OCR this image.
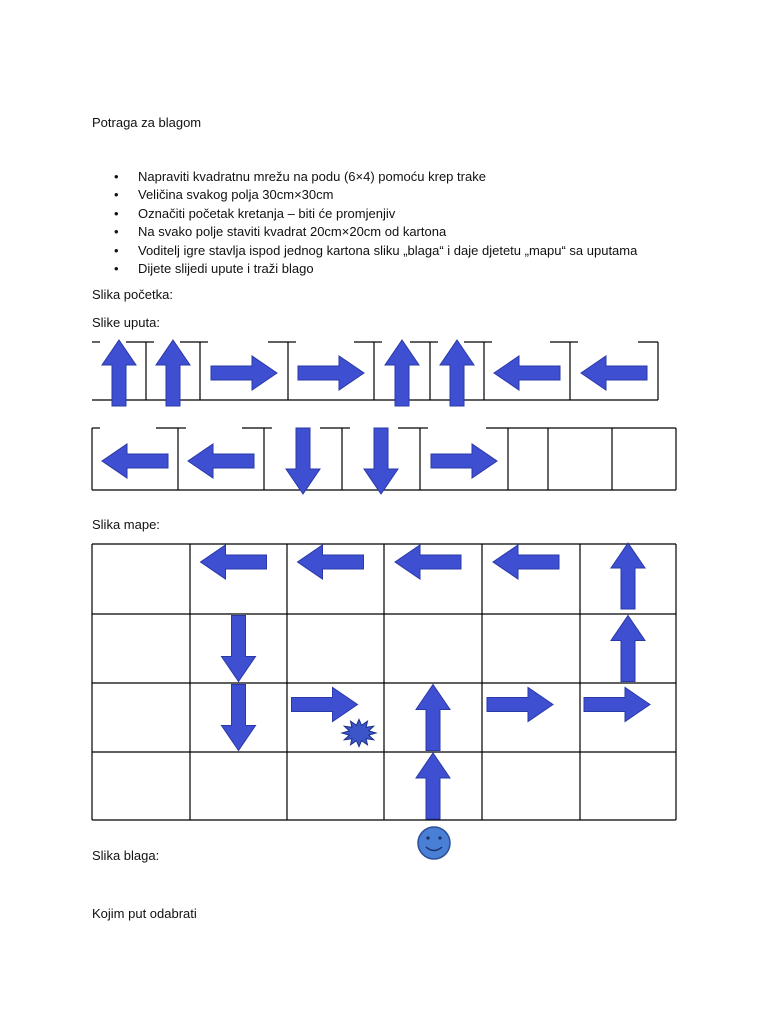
Potraga za blagom
• Napraviti kvadratnu mrežu na podu (6×4) pomoću krep trake
• Veličina svakog polja 30cm×30cm
• Označiti početak kretanja – biti će promjenjiv
• Na svako polje staviti kvadrat 20cm×20cm od kartona
• Voditelj igre stavlja ispod jednog kartona sliku „blaga“ i daje djetetu „mapu“ sa uputama
• Dijete slijedi upute i traži blago
Slika početka:
Slike uputa:
Slika mape:
Slika blaga:
Kojim put odabrati
